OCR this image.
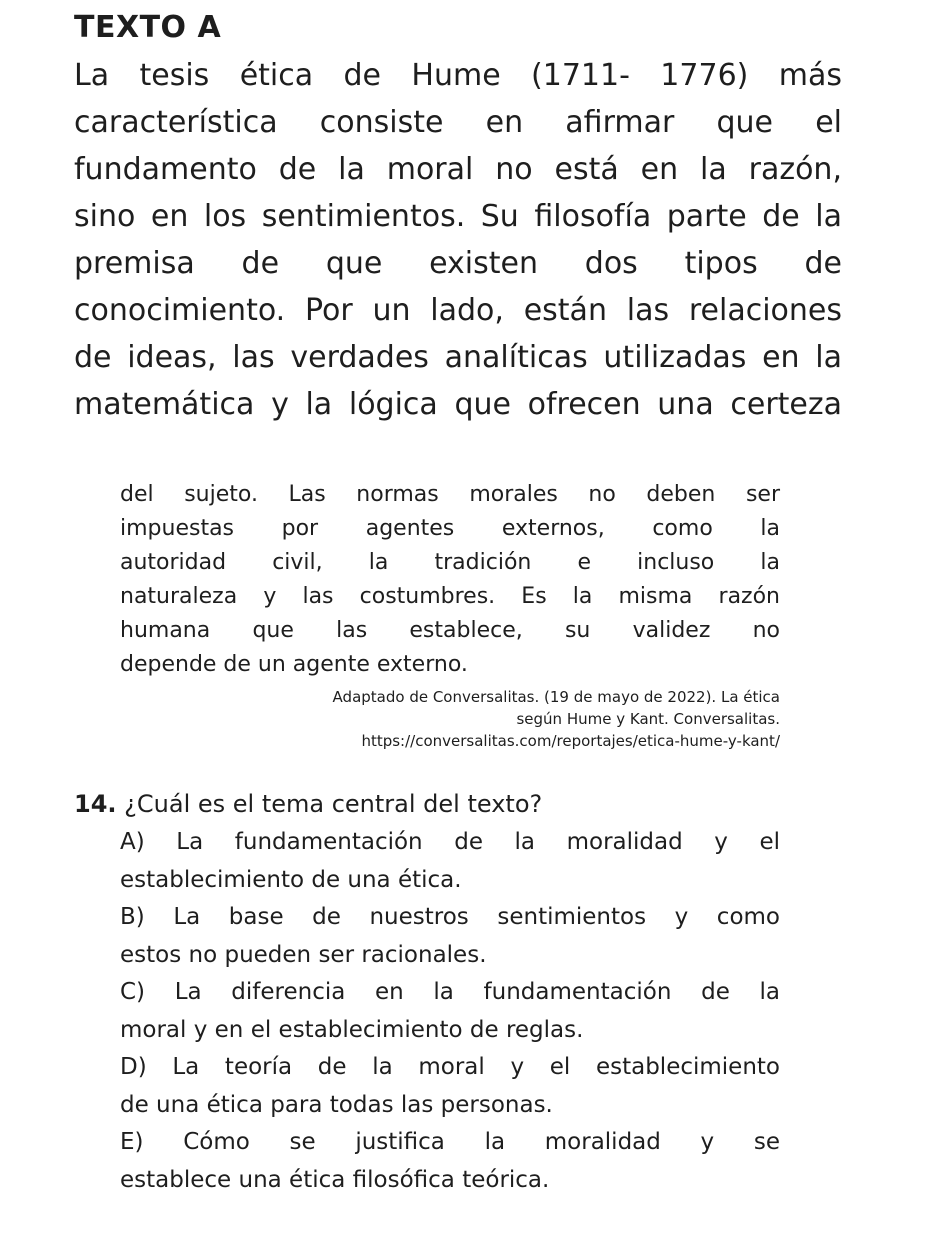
TEXTO A
La tesis ética de Hume (1711- 1776) más
característica consiste en afirmar que el
fundamento de la moral no está en la razón,
sino en los sentimientos. Su filosofía parte de la
premisa de que existen dos tipos de
conocimiento. Por un lado, están las relaciones
de ideas, las verdades analíticas utilizadas en la
matemática y la lógica que ofrecen una certeza
del sujeto. Las normas morales no deben ser
impuestas por agentes externos, como la
autoridad civil, la tradición e incluso la
naturaleza y las costumbres. Es la misma razón
humana que las establece, su validez no
depende de un agente externo.
Adaptado de Conversalitas. (19 de mayo de 2022). La ética
según Hume y Kant. Conversalitas.
https://conversalitas.com/reportajes/etica-hume-y-kant/
14. ¿Cuál es el tema central del texto?
A) La fundamentación de la moralidad y el
establecimiento de una ética.
B) La base de nuestros sentimientos y como
estos no pueden ser racionales.
C) La diferencia en la fundamentación de la
moral y en el establecimiento de reglas.
D) La teoría de la moral y el establecimiento
de una ética para todas las personas.
E) Cómo se justifica la moralidad y se
establece una ética filosófica teórica.
